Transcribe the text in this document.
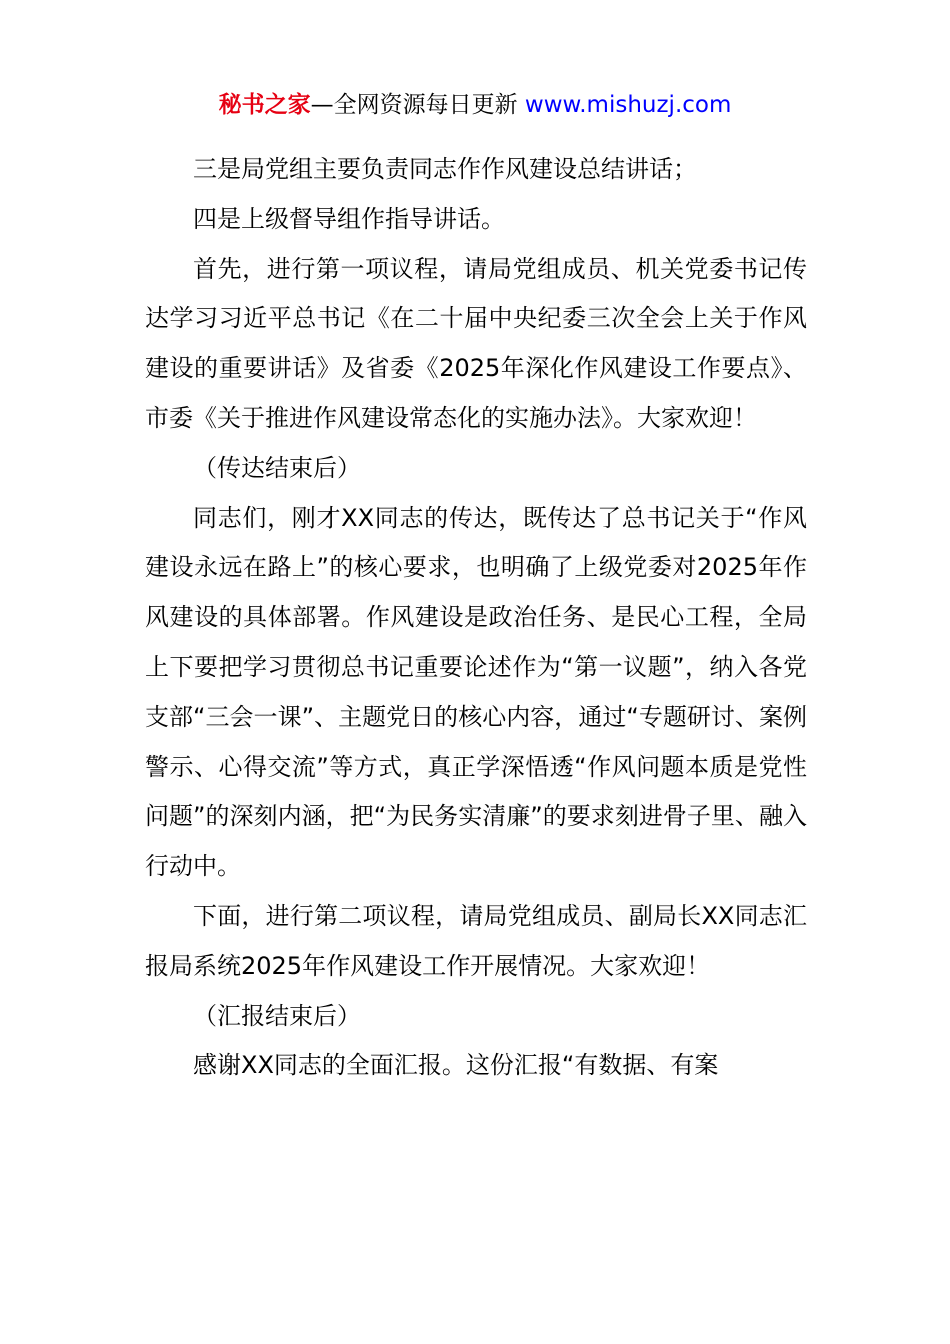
秘书之家—全网资源每日更新 www.mishuzj.com

三是局党组主要负责同志作作风建设总结讲话；

四是上级督导组作指导讲话。

首先，进行第一项议程，请局党组成员、机关党委书记传达学习习近平总书记《在二十届中央纪委三次全会上关于作风建设的重要讲话》及省委《2025年深化作风建设工作要点》、市委《关于推进作风建设常态化的实施办法》。大家欢迎！

（传达结束后）

同志们，刚才XX同志的传达，既传达了总书记关于“作风建设永远在路上”的核心要求，也明确了上级党委对2025年作风建设的具体部署。作风建设是政治任务、是民心工程，全局上下要把学习贯彻总书记重要论述作为“第一议题”，纳入各党支部“三会一课”、主题党日的核心内容，通过“专题研讨、案例警示、心得交流”等方式，真正学深悟透“作风问题本质是党性问题”的深刻内涵，把“为民务实清廉”的要求刻进骨子里、融入行动中。

下面，进行第二项议程，请局党组成员、副局长XX同志汇报局系统2025年作风建设工作开展情况。大家欢迎！

（汇报结束后）

感谢XX同志的全面汇报。这份汇报“有数据、有案
